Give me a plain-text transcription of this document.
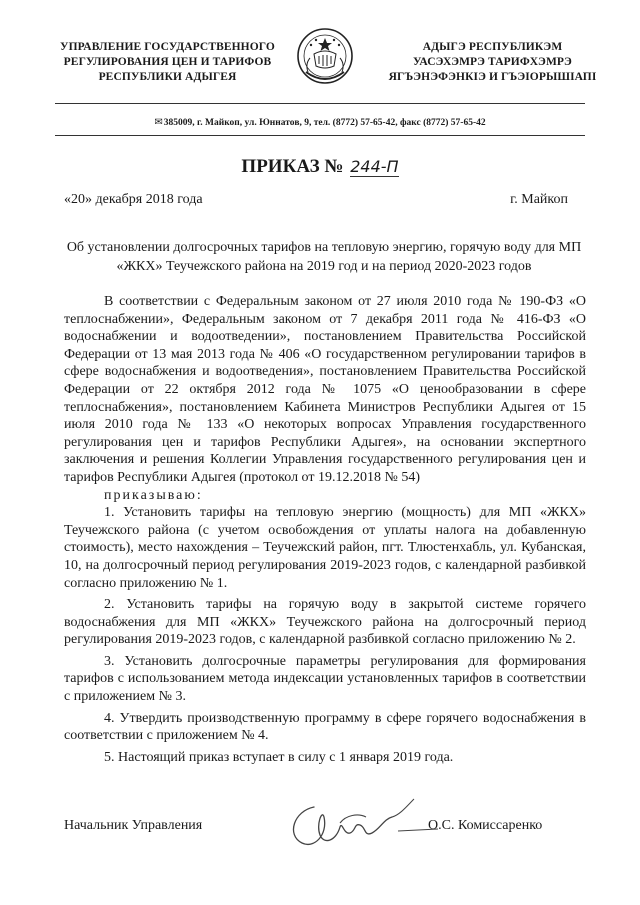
УПРАВЛЕНИЕ ГОСУДАРСТВЕННОГО
РЕГУЛИРОВАНИЯ ЦЕН И ТАРИФОВ
РЕСПУБЛИКИ АДЫГЕЯ
АДЫГЭ РЕСПУБЛИКЭМ
УАСЭХЭМРЭ ТАРИФХЭМРЭ
ЯГЪЭНЭФЭНКIЭ И ГЪЭIОРЫШIАПI
✉385009, г. Майкоп, ул. Юннатов, 9, тел. (8772) 57-65-42, факс (8772) 57-65-42
ПРИКАЗ № 244-П
«20» декабря 2018 года	г. Майкоп
Об установлении долгосрочных тарифов на тепловую энергию, горячую воду для МП «ЖКХ» Теучежского района на 2019 год и на период 2020-2023 годов

В соответствии с Федеральным законом от 27 июля 2010 года № 190-ФЗ «О теплоснабжении», Федеральным законом от 7 декабря 2011 года № 416-ФЗ «О водоснабжении и водоотведении», постановлением Правительства Российской Федерации от 13 мая 2013 года № 406 «О государственном регулировании тарифов в сфере водоснабжения и водоотведения», постановлением Правительства Российской Федерации от 22 октября 2012 года № 1075 «О ценообразовании в сфере теплоснабжения», постановлением Кабинета Министров Республики Адыгея от 15 июля 2010 года № 133 «О некоторых вопросах Управления государственного регулирования цен и тарифов Республики Адыгея», на основании экспертного заключения и решения Коллегии Управления государственного регулирования цен и тарифов Республики Адыгея (протокол от 19.12.2018 № 54)

приказываю:

1. Установить тарифы на тепловую энергию (мощность) для МП «ЖКХ» Теучежского района (с учетом освобождения от уплаты налога на добавленную стоимость), место нахождения – Теучежский район, пгт. Тлюстенхабль, ул. Кубанская, 10, на долгосрочный период регулирования 2019-2023 годов, с календарной разбивкой согласно приложению № 1.

2. Установить тарифы на горячую воду в закрытой системе горячего водоснабжения для МП «ЖКХ» Теучежского района на долгосрочный период регулирования 2019-2023 годов, с календарной разбивкой согласно приложению № 2.

3. Установить долгосрочные параметры регулирования для формирования тарифов с использованием метода индексации установленных тарифов в соответствии с приложением № 3.

4. Утвердить производственную программу в сфере горячего водоснабжения в соответствии с приложением № 4.

5. Настоящий приказ вступает в силу с 1 января 2019 года.

Начальник Управления	О.С. Комиссаренко
